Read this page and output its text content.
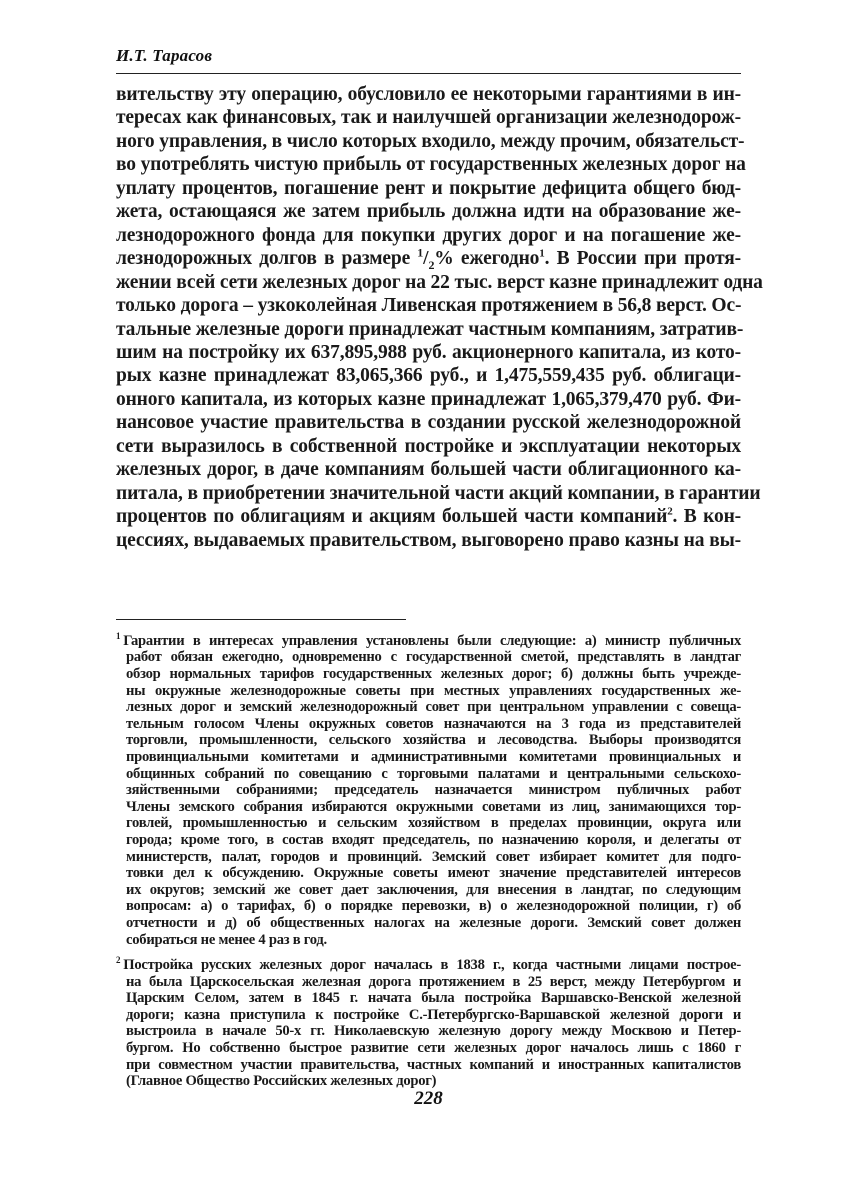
И.Т. Тарасов
вительству эту операцию, обусловило ее некоторыми гарантиями в ин-
тересах как финансовых, так и наилучшей организации железнодорож-
ного управления, в число которых входило, между прочим, обязательст-
во употреблять чистую прибыль от государственных железных дорог на
уплату процентов, погашение рент и покрытие дефицита общего бюд-
жета, остающаяся же затем прибыль должна идти на образование же-
лезнодорожного фонда для покупки других дорог и на погашение же-
лезнодорожных долгов в размере $^1/_2\%$ ежегодно$^1$. В России при протя-
жении всей сети железных дорог на 22 тыс. верст казне принадлежит одна
только дорога – узкоколейная Ливенская протяжением в 56,8 верст. Ос-
тальные железные дороги принадлежат частным компаниям, затратив-
шим на постройку их 637,895,988 руб. акционерного капитала, из кото-
рых казне принадлежат 83,065,366 руб., и 1,475,559,435 руб. облигаци-
онного капитала, из которых казне принадлежат 1,065,379,470 руб. Фи-
нансовое участие правительства в создании русской железнодорожной
сети выразилось в собственной постройке и эксплуатации некоторых
железных дорог, в даче компаниям большей части облигационного ка-
питала, в приобретении значительной части акций компании, в гарантии
процентов по облигациям и акциям большей части компаний$^2$. В кон-
цессиях, выдаваемых правительством, выговорено право казны на вы-
$^1$ Гарантии в интересах управления установлены были следующие: а) министр публичных
работ обязан ежегодно, одновременно с государственной сметой, представлять в ландтаг
обзор нормальных тарифов государственных железных дорог; б) должны быть учрежде-
ны окружные железнодорожные советы при местных управлениях государственных же-
лезных дорог и земский железнодорожный совет при центральном управлении с совеща-
тельным голосом Члены окружных советов назначаются на 3 года из представителей
торговли, промышленности, сельского хозяйства и лесоводства. Выборы производятся
провинциальными комитетами и административными комитетами провинциальных и
общинных собраний по совещанию с торговыми палатами и центральными сельскохо-
зяйственными собраниями; председатель назначается министром публичных работ
Члены земского собрания избираются окружными советами из лиц, занимающихся тор-
говлей, промышленностью и сельским хозяйством в пределах провинции, округа или
города; кроме того, в состав входят председатель, по назначению короля, и делегаты от
министерств, палат, городов и провинций. Земский совет избирает комитет для подго-
товки дел к обсуждению. Окружные советы имеют значение представителей интересов
их округов; земский же совет дает заключения, для внесения в ландтаг, по следующим
вопросам: а) о тарифах, б) о порядке перевозки, в) о железнодорожной полиции, г) об
отчетности и д) об общественных налогах на железные дороги. Земский совет должен
собираться не менее 4 раз в год.
$^2$ Постройка русских железных дорог началась в 1838 г., когда частными лицами построе-
на была Царскосельская железная дорога протяжением в 25 верст, между Петербургом и
Царским Селом, затем в 1845 г. начата была постройка Варшавско-Венской железной
дороги; казна приступила к постройке С.-Петербургско-Варшавской железной дороги и
выстроила в начале 50-х гг. Николаевскую железную дорогу между Москвою и Петер-
бургом. Но собственно быстрое развитие сети железных дорог началось лишь с 1860 г
при совместном участии правительства, частных компаний и иностранных капиталистов
(Главное Общество Российских железных дорог)
228
